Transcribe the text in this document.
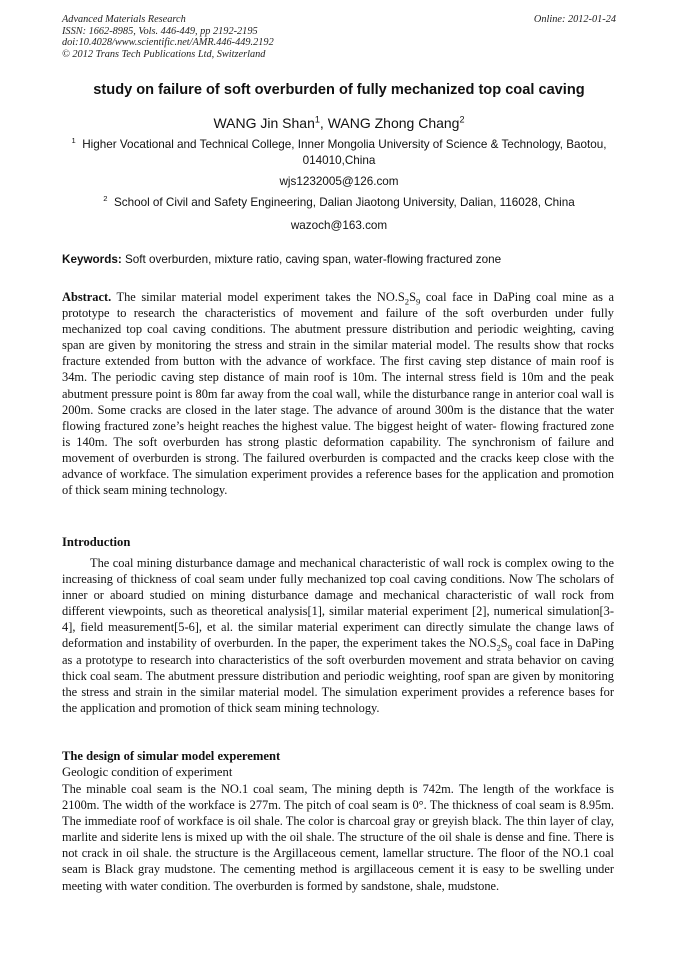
Advanced Materials Research
ISSN: 1662-8985, Vols. 446-449, pp 2192-2195
doi:10.4028/www.scientific.net/AMR.446-449.2192
© 2012 Trans Tech Publications Ltd, Switzerland
Online: 2012-01-24
study on failure of soft overburden of fully mechanized top coal caving
WANG Jin Shan$^1$, WANG Zhong Chang$^2$
$^1$ Higher Vocational and Technical College, Inner Mongolia University of Science & Technology, Baotou, 014010,China
wjs1232005@126.com
$^2$ School of Civil and Safety Engineering, Dalian Jiaotong University, Dalian, 116028, China
wazoch@163.com
Keywords: Soft overburden, mixture ratio, caving span, water-flowing fractured zone
Abstract. The similar material model experiment takes the $NO.S_2S_9$ coal face in DaPing coal mine as a prototype to research the characteristics of movement and failure of the soft overburden under fully mechanized top coal caving conditions. The abutment pressure distribution and periodic weighting, caving span are given by monitoring the stress and strain in the similar material model. The results show that rocks fracture extended from button with the advance of workface. The first caving step distance of main roof is 34m. The periodic caving step distance of main roof is 10m. The internal stress field is 10m and the peak abutment pressure point is 80m far away from the coal wall, while the disturbance range in anterior coal wall is 200m. Some cracks are closed in the later stage. The advance of around 300m is the distance that the water flowing fractured zone’s height reaches the highest value. The biggest height of water- flowing fractured zone is 140m. The soft overburden has strong plastic deformation capability. The synchronism of failure and movement of overburden is strong. The failured overburden is compacted and the cracks keep close with the advance of workface. The simulation experiment provides a reference bases for the application and promotion of thick seam mining technology.
Introduction

The coal mining disturbance damage and mechanical characteristic of wall rock is complex owing to the increasing of thickness of coal seam under fully mechanized top coal caving conditions. Now The scholars of inner or aboard studied on mining disturbance damage and mechanical characteristic of wall rock from different viewpoints, such as theoretical analysis[1], similar material experiment [2], numerical simulation[3-4], field measurement[5-6], et al. the similar material experiment can directly simulate the change laws of deformation and instability of overburden. In the paper, the experiment takes the $NO.S_2S_9$ coal face in DaPing as a prototype to research into characteristics of the soft overburden movement and strata behavior on caving thick coal seam. The abutment pressure distribution and periodic weighting, roof span are given by monitoring the stress and strain in the similar material model. The simulation experiment provides a reference bases for the application and promotion of thick seam mining technology.

The design of simular model experement
Geologic condition of experiment

The minable coal seam is the NO.1 coal seam, The mining depth is 742m. The length of the workface is 2100m. The width of the workface is 277m. The pitch of coal seam is 0°. The thickness of coal seam is 8.95m. The immediate roof of workface is oil shale. The color is charcoal gray or greyish black. The thin layer of clay, marlite and siderite lens is mixed up with the oil shale. The structure of the oil shale is dense and fine. There is not crack in oil shale. the structure is the Argillaceous cement, lamellar structure. The floor of the NO.1 coal seam is Black gray mudstone. The cementing method is argillaceous cement it is easy to be swelling under meeting with water condition. The overburden is formed by sandstone, shale, mudstone.
